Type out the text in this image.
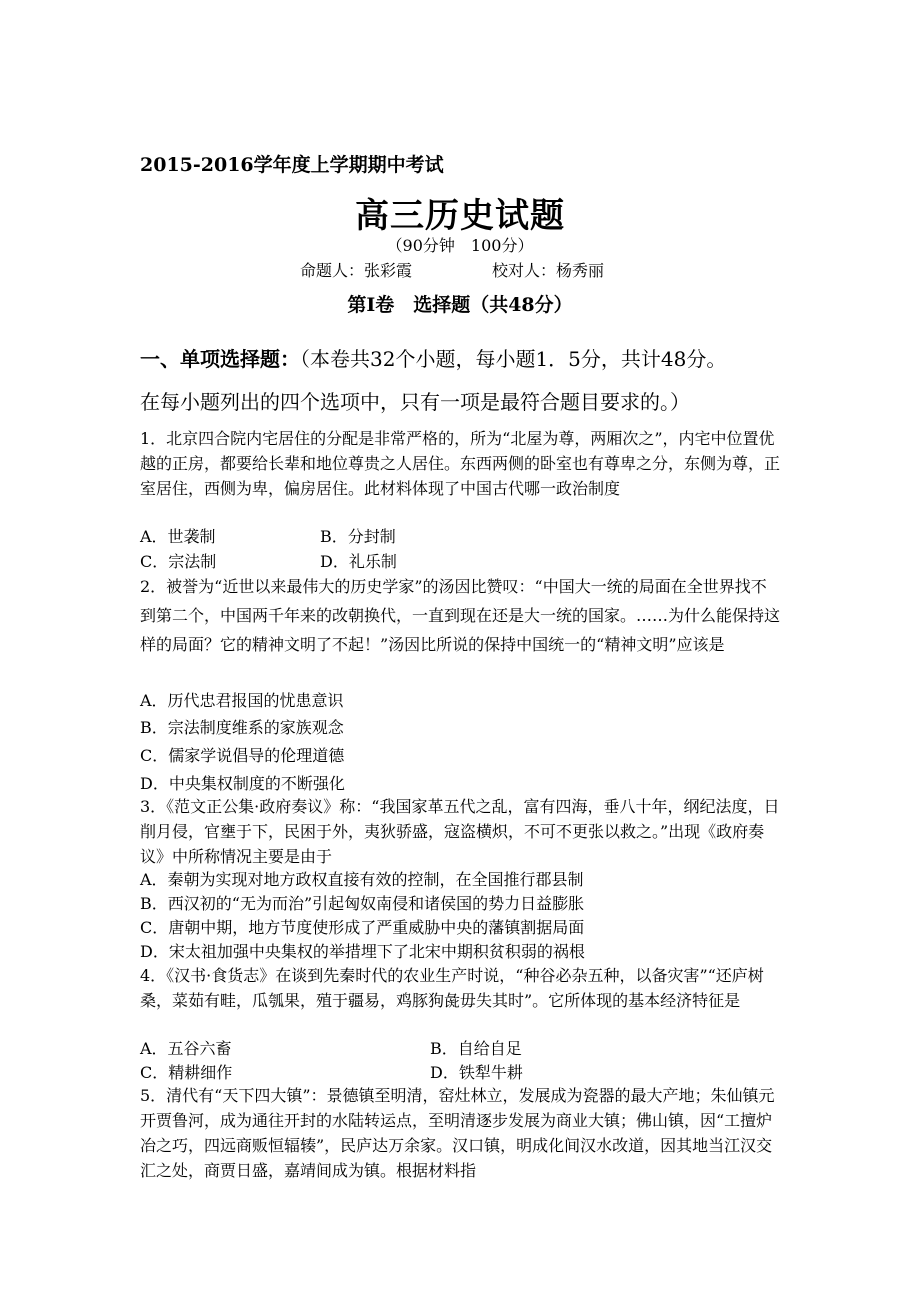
2015-2016学年度上学期期中考试
高三历史试题
（90分钟　100分）
命题人：张彩霞	校对人：杨秀丽
第Ⅰ卷　选择题（共48分）
一、单项选择题：（本卷共32个小题，每小题1．5分，共计48分。
在每小题列出的四个选项中，只有一项是最符合题目要求的。）
1．北京四合院内宅居住的分配是非常严格的，所为“北屋为尊，两厢次之”，内宅中位置优越的正房，都要给长辈和地位尊贵之人居住。东西两侧的卧室也有尊卑之分，东侧为尊，正室居住，西侧为卑，偏房居住。此材料体现了中国古代哪一政治制度
A．世袭制	B．分封制
C．宗法制	D．礼乐制
2．被誉为“近世以来最伟大的历史学家”的汤因比赞叹：“中国大一统的局面在全世界找不到第二个，中国两千年来的改朝换代，一直到现在还是大一统的国家。……为什么能保持这样的局面？它的精神文明了不起！”汤因比所说的保持中国统一的“精神文明”应该是
A．历代忠君报国的忧患意识
B．宗法制度维系的家族观念
C．儒家学说倡导的伦理道德
D．中央集权制度的不断强化
3．《范文正公集·政府奏议》称：“我国家革五代之乱，富有四海，垂八十年，纲纪法度，日削月侵，官壅于下，民困于外，夷狄骄盛，寇盗横炽，不可不更张以救之。”出现《政府奏议》中所称情况主要是由于
A．秦朝为实现对地方政权直接有效的控制，在全国推行郡县制
B．西汉初的“无为而治”引起匈奴南侵和诸侯国的势力日益膨胀
C．唐朝中期，地方节度使形成了严重威胁中央的藩镇割据局面
D．宋太祖加强中央集权的举措埋下了北宋中期积贫积弱的祸根
4．《汉书·食货志》在谈到先秦时代的农业生产时说，“种谷必杂五种，以备灾害”“还庐树桑，菜茹有畦，瓜瓠果，殖于疆易，鸡豚狗彘毋失其时”。它所体现的基本经济特征是
A．五谷六畜	B．自给自足
C．精耕细作	D．铁犁牛耕
5．清代有“天下四大镇”：景德镇至明清，窑灶林立，发展成为瓷器的最大产地；朱仙镇元开贾鲁河，成为通往开封的水陆转运点，至明清逐步发展为商业大镇；佛山镇，因“工擅炉冶之巧，四远商贩恒辐辏”，民庐达万余家。汉口镇，明成化间汉水改道，因其地当江汉交汇之处，商贾日盛，嘉靖间成为镇。根据材料指
